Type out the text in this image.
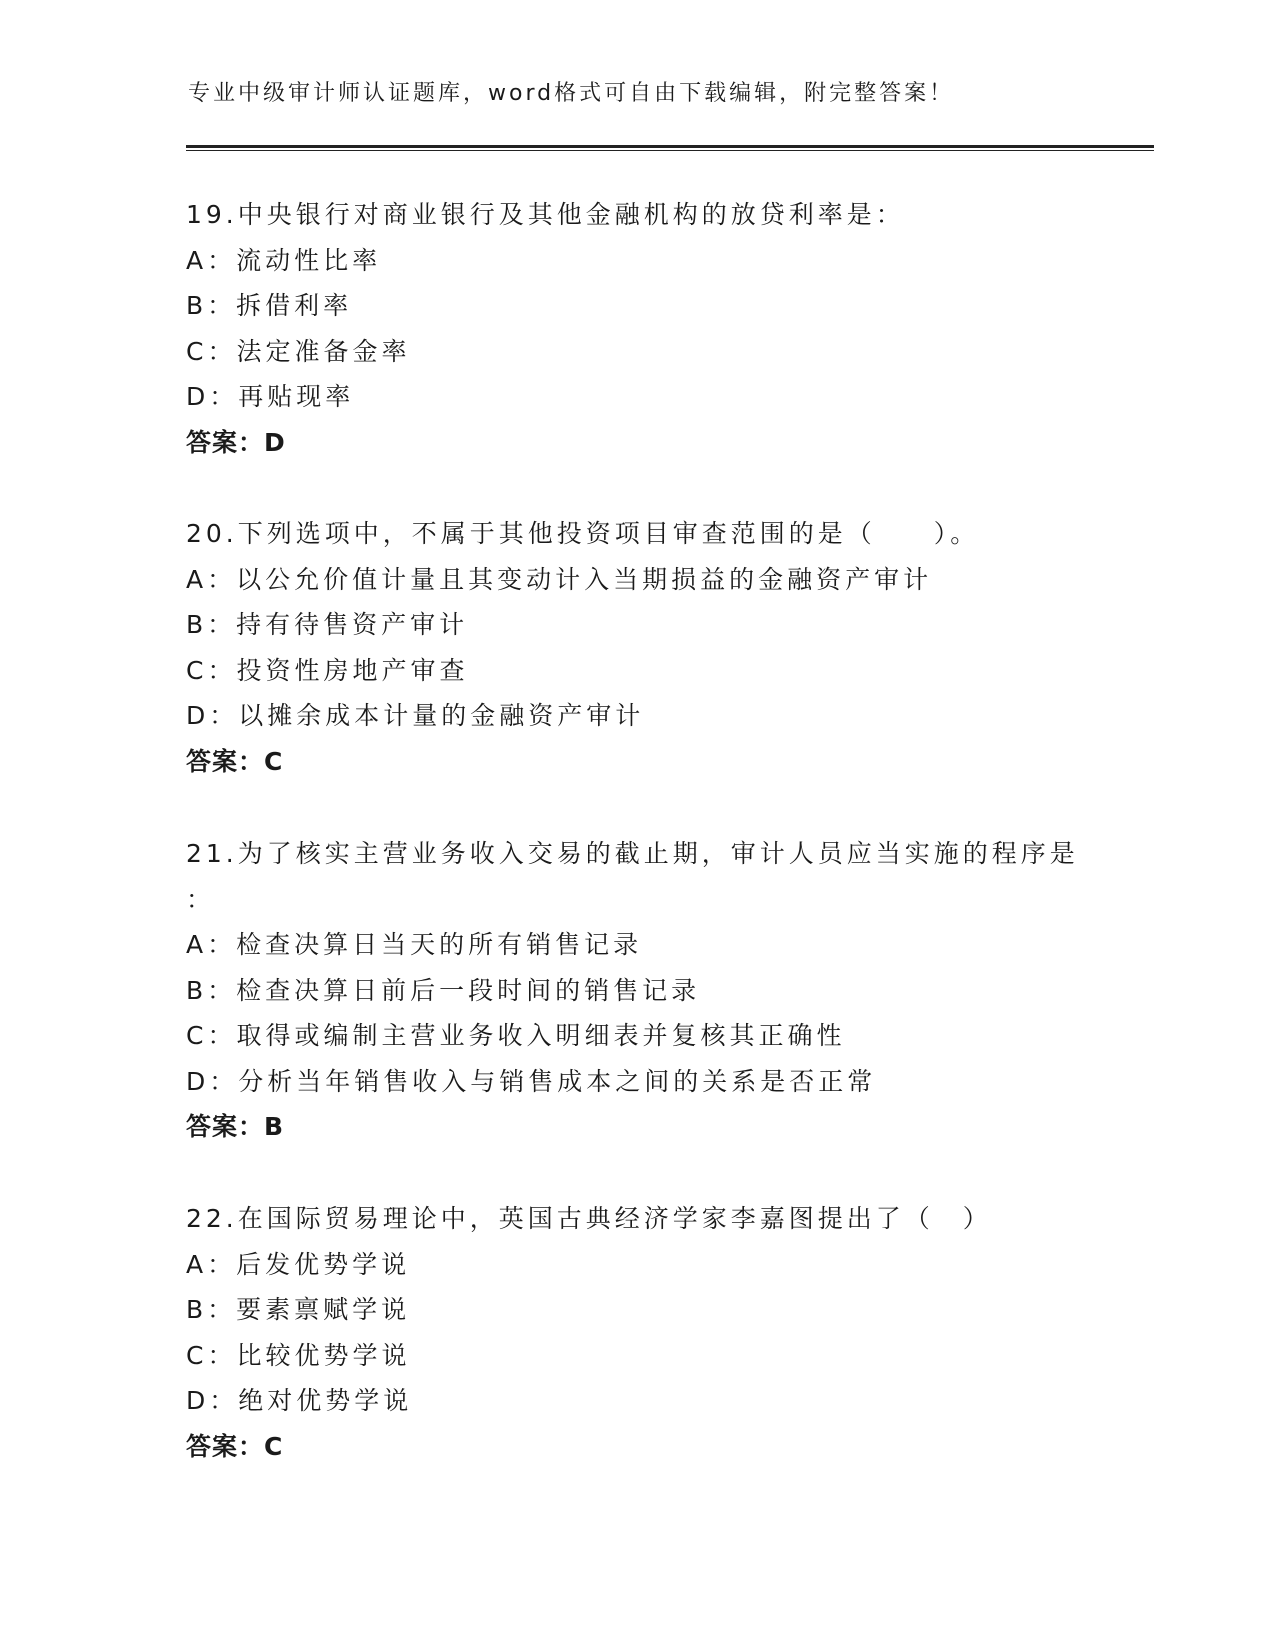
专业中级审计师认证题库，word格式可自由下载编辑，附完整答案！
19.中央银行对商业银行及其他金融机构的放贷利率是：
A：流动性比率
B：拆借利率
C：法定准备金率
D：再贴现率
答案：D
20.下列选项中，不属于其他投资项目审查范围的是（　　）。
A：以公允价值计量且其变动计入当期损益的金融资产审计
B：持有待售资产审计
C：投资性房地产审查
D：以摊余成本计量的金融资产审计
答案：C
21.为了核实主营业务收入交易的截止期，审计人员应当实施的程序是
：
A：检查决算日当天的所有销售记录
B：检查决算日前后一段时间的销售记录
C：取得或编制主营业务收入明细表并复核其正确性
D：分析当年销售收入与销售成本之间的关系是否正常
答案：B
22.在国际贸易理论中，英国古典经济学家李嘉图提出了（　）
A：后发优势学说
B：要素禀赋学说
C：比较优势学说
D：绝对优势学说
答案：C
